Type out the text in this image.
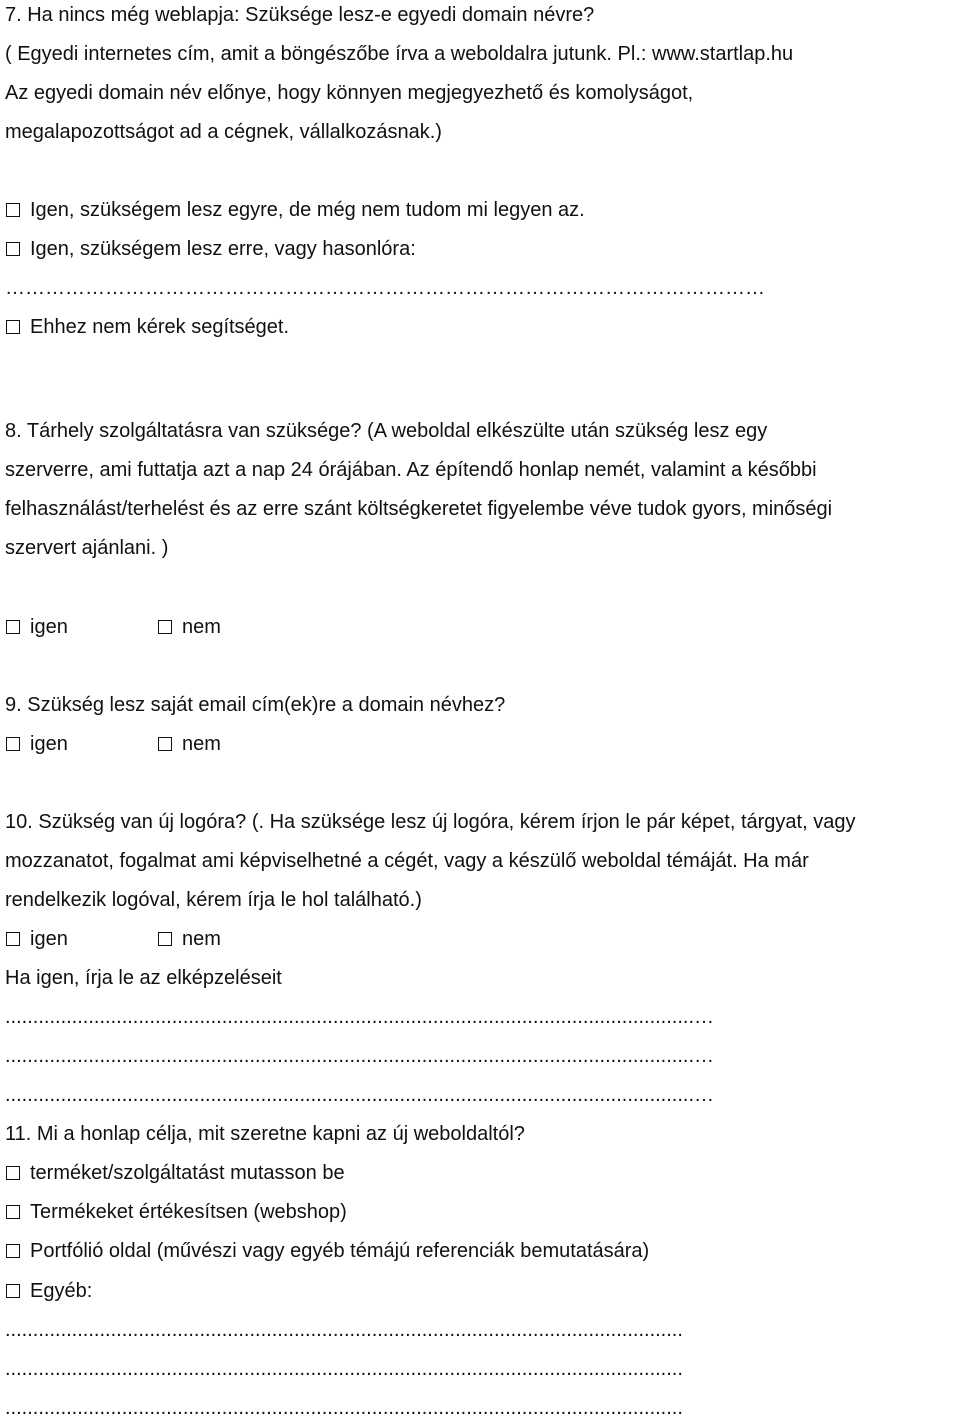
7. Ha nincs még weblapja: Szüksége lesz-e egyedi domain névre?
( Egyedi internetes cím, amit a böngészőbe írva a weboldalra jutunk. Pl.: www.startlap.hu
Az egyedi domain név előnye, hogy könnyen megjegyezhető és komolyságot,
megalapozottságot ad a cégnek, vállalkozásnak.)
Igen, szükségem lesz egyre, de még nem tudom mi legyen az.
Igen, szükségem lesz erre, vagy hasonlóra:
……………………………………………………………………………………………………
Ehhez nem kérek segítséget.
8. Tárhely szolgáltatásra van szüksége? (A weboldal elkészülte után szükség lesz egy
szerverre, ami futtatja azt a nap 24 órájában. Az építendő honlap nemét, valamint a későbbi
felhasználást/terhelést és az erre szánt költségkeretet figyelembe véve tudok gyors, minőségi
szervert ajánlani. )
igen	nem
9. Szükség lesz saját email cím(ek)re a domain névhez?
igen	nem
10. Szükség van új logóra? (. Ha szüksége lesz új logóra, kérem írjon le pár képet, tárgyat, vagy
mozzanatot, fogalmat ami képviselhetné a cégét, vagy a készülő weboldal témáját. Ha már
rendelkezik logóval, kérem írja le hol található.)
igen	nem
Ha igen, írja le az elképzeléseit
............................................................................................................................…
............................................................................................................................…
............................................................................................................................…
11. Mi a honlap célja, mit szeretne kapni az új weboldaltól?
terméket/szolgáltatást mutasson be
Termékeket értékesítsen (webshop)
Portfólió oldal (művészi vagy egyéb témájú referenciák bemutatására)
Egyéb:
..........................................................................................................................
..........................................................................................................................
..........................................................................................................................
